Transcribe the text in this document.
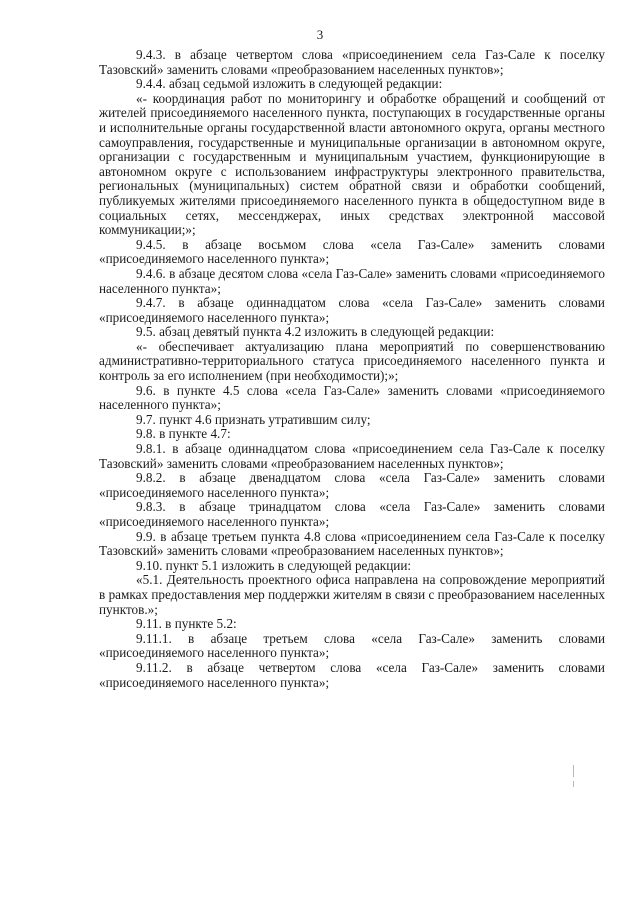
3

9.4.3. в абзаце четвертом слова «присоединением села Газ-Сале к поселку Тазовский» заменить словами «преобразованием населенных пунктов»;

9.4.4. абзац седьмой изложить в следующей редакции:

«- координация работ по мониторингу и обработке обращений и сообщений от жителей присоединяемого населенного пункта, поступающих в государственные органы и исполнительные органы государственной власти автономного округа, органы местного самоуправления, государственные и муниципальные организации в автономном округе, организации с государственным и муниципальным участием, функционирующие в автономном округе с использованием инфраструктуры электронного правительства, региональных (муниципальных) систем обратной связи и обработки сообщений, публикуемых жителями присоединяемого населенного пункта в общедоступном виде в социальных сетях, мессенджерах, иных средствах электронной массовой коммуникации;»;

9.4.5. в абзаце восьмом слова «села Газ-Сале» заменить словами «присоединяемого населенного пункта»;

9.4.6. в абзаце десятом слова «села Газ-Сале» заменить словами «присоединяемого населенного пункта»;

9.4.7. в абзаце одиннадцатом слова «села Газ-Сале» заменить словами «присоединяемого населенного пункта»;

9.5. абзац девятый пункта 4.2 изложить в следующей редакции:

«- обеспечивает актуализацию плана мероприятий по совершенствованию административно-территориального статуса присоединяемого населенного пункта и контроль за его исполнением (при необходимости);»;

9.6. в пункте 4.5 слова «села Газ-Сале» заменить словами «присоединяемого населенного пункта»;

9.7. пункт 4.6 признать утратившим силу;

9.8. в пункте 4.7:

9.8.1. в абзаце одиннадцатом слова «присоединением села Газ-Сале к поселку Тазовский» заменить словами «преобразованием населенных пунктов»;

9.8.2. в абзаце двенадцатом слова «села Газ-Сале» заменить словами «присоединяемого населенного пункта»;

9.8.3. в абзаце тринадцатом слова «села Газ-Сале» заменить словами «присоединяемого населенного пункта»;

9.9. в абзаце третьем пункта 4.8 слова «присоединением села Газ-Сале к поселку Тазовский» заменить словами «преобразованием населенных пунктов»;

9.10. пункт 5.1 изложить в следующей редакции:

«5.1. Деятельность проектного офиса направлена на сопровождение мероприятий в рамках предоставления мер поддержки жителям в связи с преобразованием населенных пунктов.»;

9.11. в пункте 5.2:

9.11.1. в абзаце третьем слова «села Газ-Сале» заменить словами «присоединяемого населенного пункта»;

9.11.2. в абзаце четвертом слова «села Газ-Сале» заменить словами «присоединяемого населенного пункта»;
